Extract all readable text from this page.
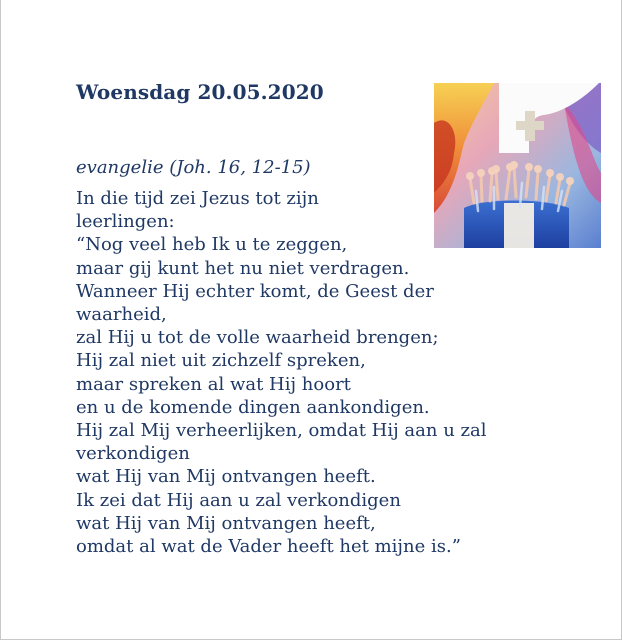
Woensdag 20.05.2020

evangelie (Joh. 16, 12-15)

In die tijd zei Jezus tot zijn
leerlingen:
“Nog veel heb Ik u te zeggen,
maar gij kunt het nu niet verdragen.
Wanneer Hij echter komt, de Geest der
waarheid,
zal Hij u tot de volle waarheid brengen;
Hij zal niet uit zichzelf spreken,
maar spreken al wat Hij hoort
en u de komende dingen aankondigen.
Hij zal Mij verheerlijken, omdat Hij aan u zal
verkondigen
wat Hij van Mij ontvangen heeft.
Ik zei dat Hij aan u zal verkondigen
wat Hij van Mij ontvangen heeft,
omdat al wat de Vader heeft het mijne is.”
